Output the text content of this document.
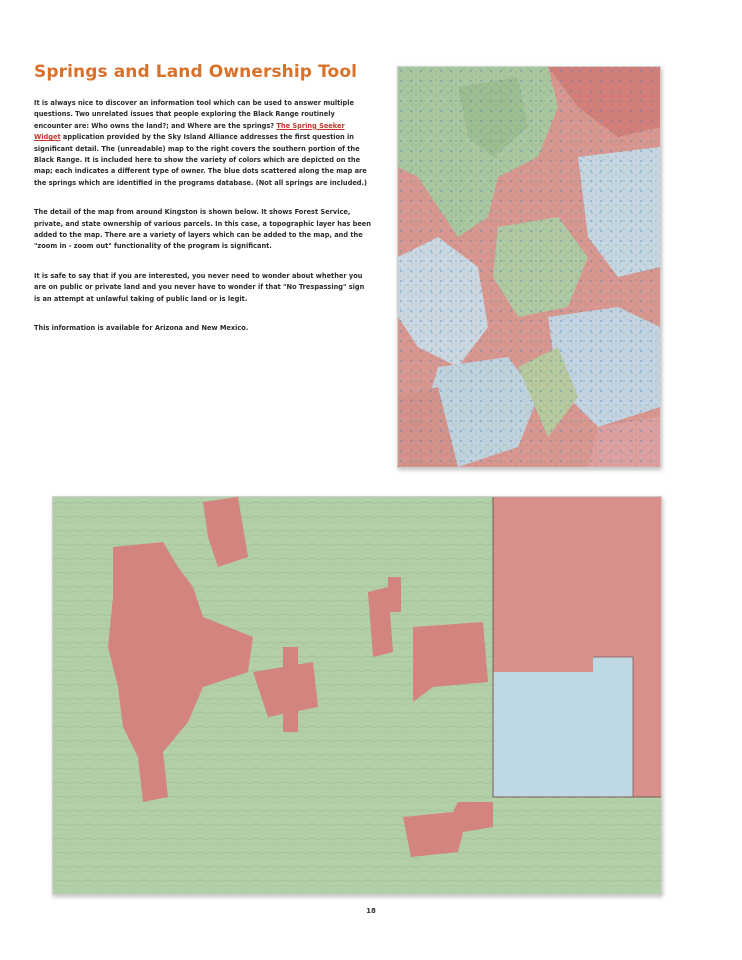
Springs and Land Ownership Tool

It is always nice to discover an information tool which can be used to answer multiple questions. Two unrelated issues that people exploring the Black Range routinely encounter are: Who owns the land?; and Where are the springs? The Spring Seeker Widget application provided by the Sky Island Alliance addresses the first question in significant detail. The (unreadable) map to the right covers the southern portion of the Black Range. It is included here to show the variety of colors which are depicted on the map; each indicates a different type of owner. The blue dots scattered along the map are the springs which are identified in the programs database. (Not all springs are included.)

The detail of the map from around Kingston is shown below. It shows Forest Service, private, and state ownership of various parcels. In this case, a topographic layer has been added to the map. There are a variety of layers which can be added to the map, and the "zoom in - zoom out" functionality of the program is significant.

It is safe to say that if you are interested, you never need to wonder about whether you are on public or private land and you never have to wonder if that "No Trespassing" sign is an attempt at unlawful taking of public land or is legit.

This information is available for Arizona and New Mexico.

18
